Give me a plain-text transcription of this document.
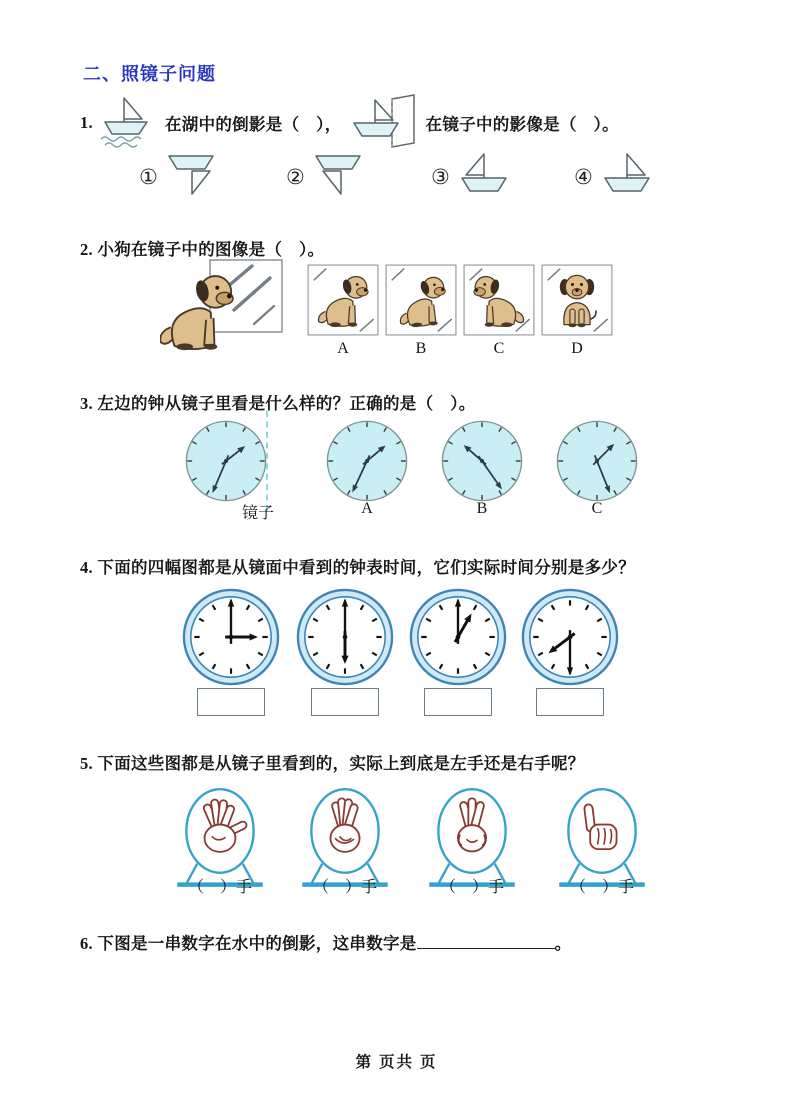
二、照镜子问题
1.	在湖中的倒影是（　），	在镜子中的影像是（　）。
①	②	③	④
2. 小狗在镜子中的图像是（　）。
A	B	C	D
3. 左边的钟从镜子里看是什么样的？正确的是（　）。
镜子	A	B	C
4. 下面的四幅图都是从镜面中看到的钟表时间，它们实际时间分别是多少？
5. 下面这些图都是从镜子里看到的，实际上到底是左手还是右手呢？
（　）手	（　）手	（　）手	（　）手
6. 下图是一串数字在水中的倒影，这串数字是	。
第 页共 页
